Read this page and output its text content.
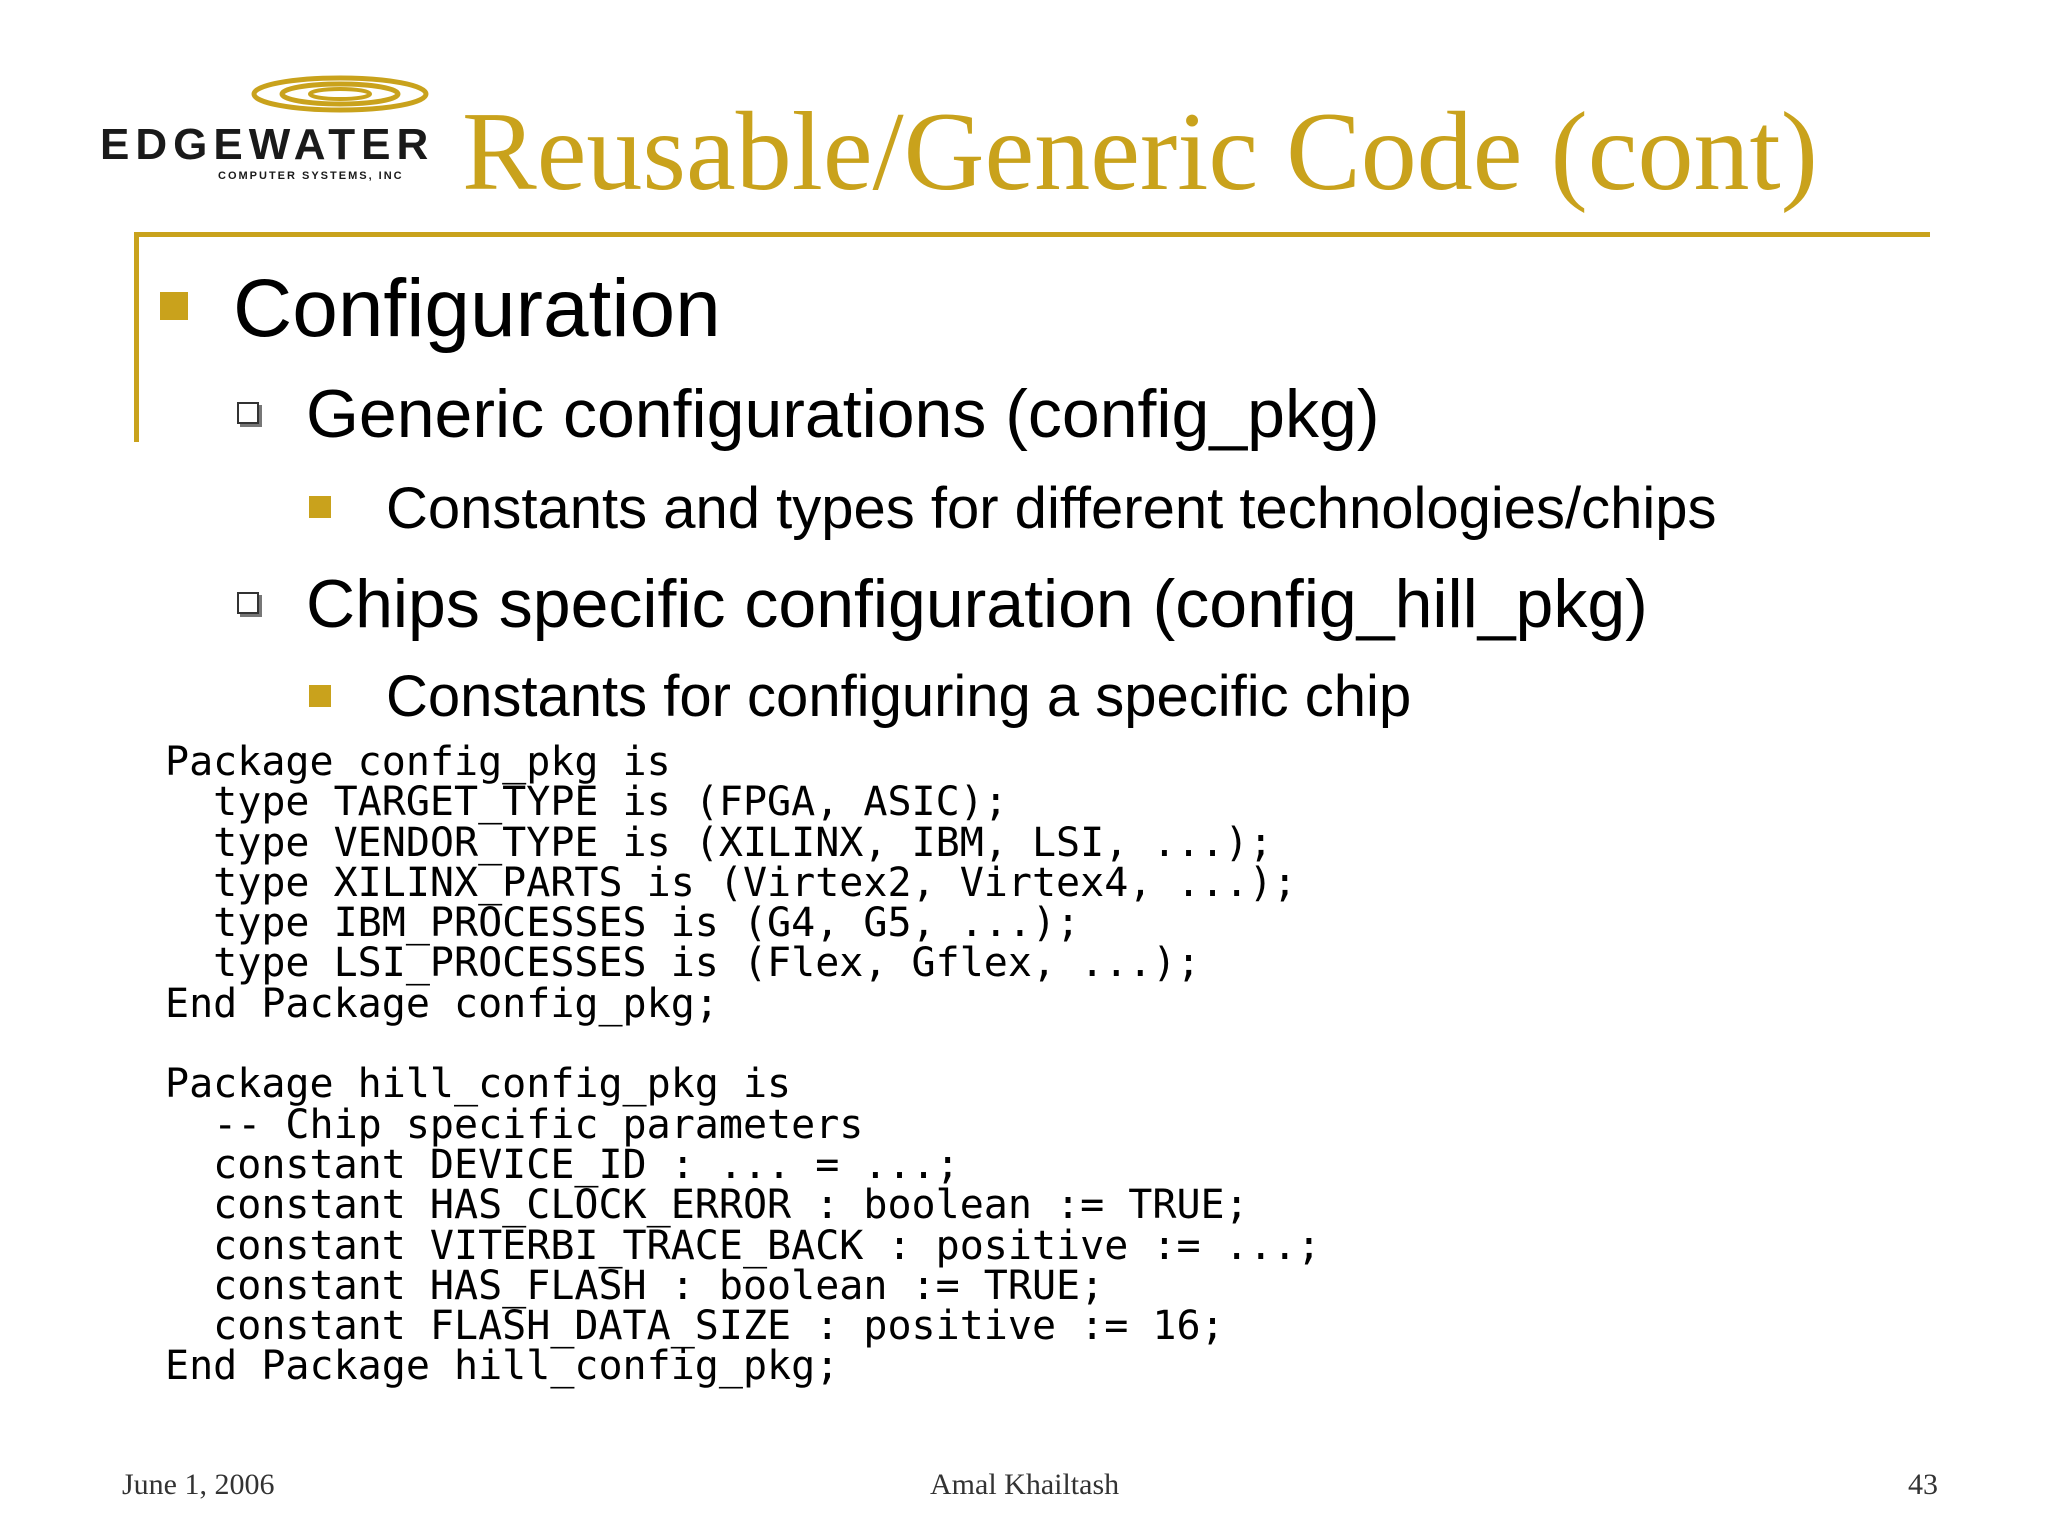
EDGEWATER
COMPUTER SYSTEMS, INC Reusable/Generic Code (cont)
Configuration
Generic configurations (config_pkg)
Constants and types for different technologies/chips
Chips specific configuration (config_hill_pkg)
Constants for configuring a specific chip
Package config_pkg is
type TARGET_TYPE is (FPGA, ASIC);
type VENDOR_TYPE is (XILINX, IBM, LSI, ...);
type XILINX_PARTS is (Virtex2, Virtex4, ...);
type IBM_PROCESSES is (G4, G5, ...);
type LSI_PROCESSES is (Flex, Gflex, ...);
End Package config_pkg;

Package hill_config_pkg is
-- Chip specific parameters
constant DEVICE_ID : ... = ...;
constant HAS_CLOCK_ERROR : boolean := TRUE;
constant VITERBI_TRACE_BACK : positive := ...;
constant HAS_FLASH : boolean := TRUE;
constant FLASH_DATA_SIZE : positive := 16;
End Package hill_config_pkg;
June 1, 2006	Amal Khailtash	43
